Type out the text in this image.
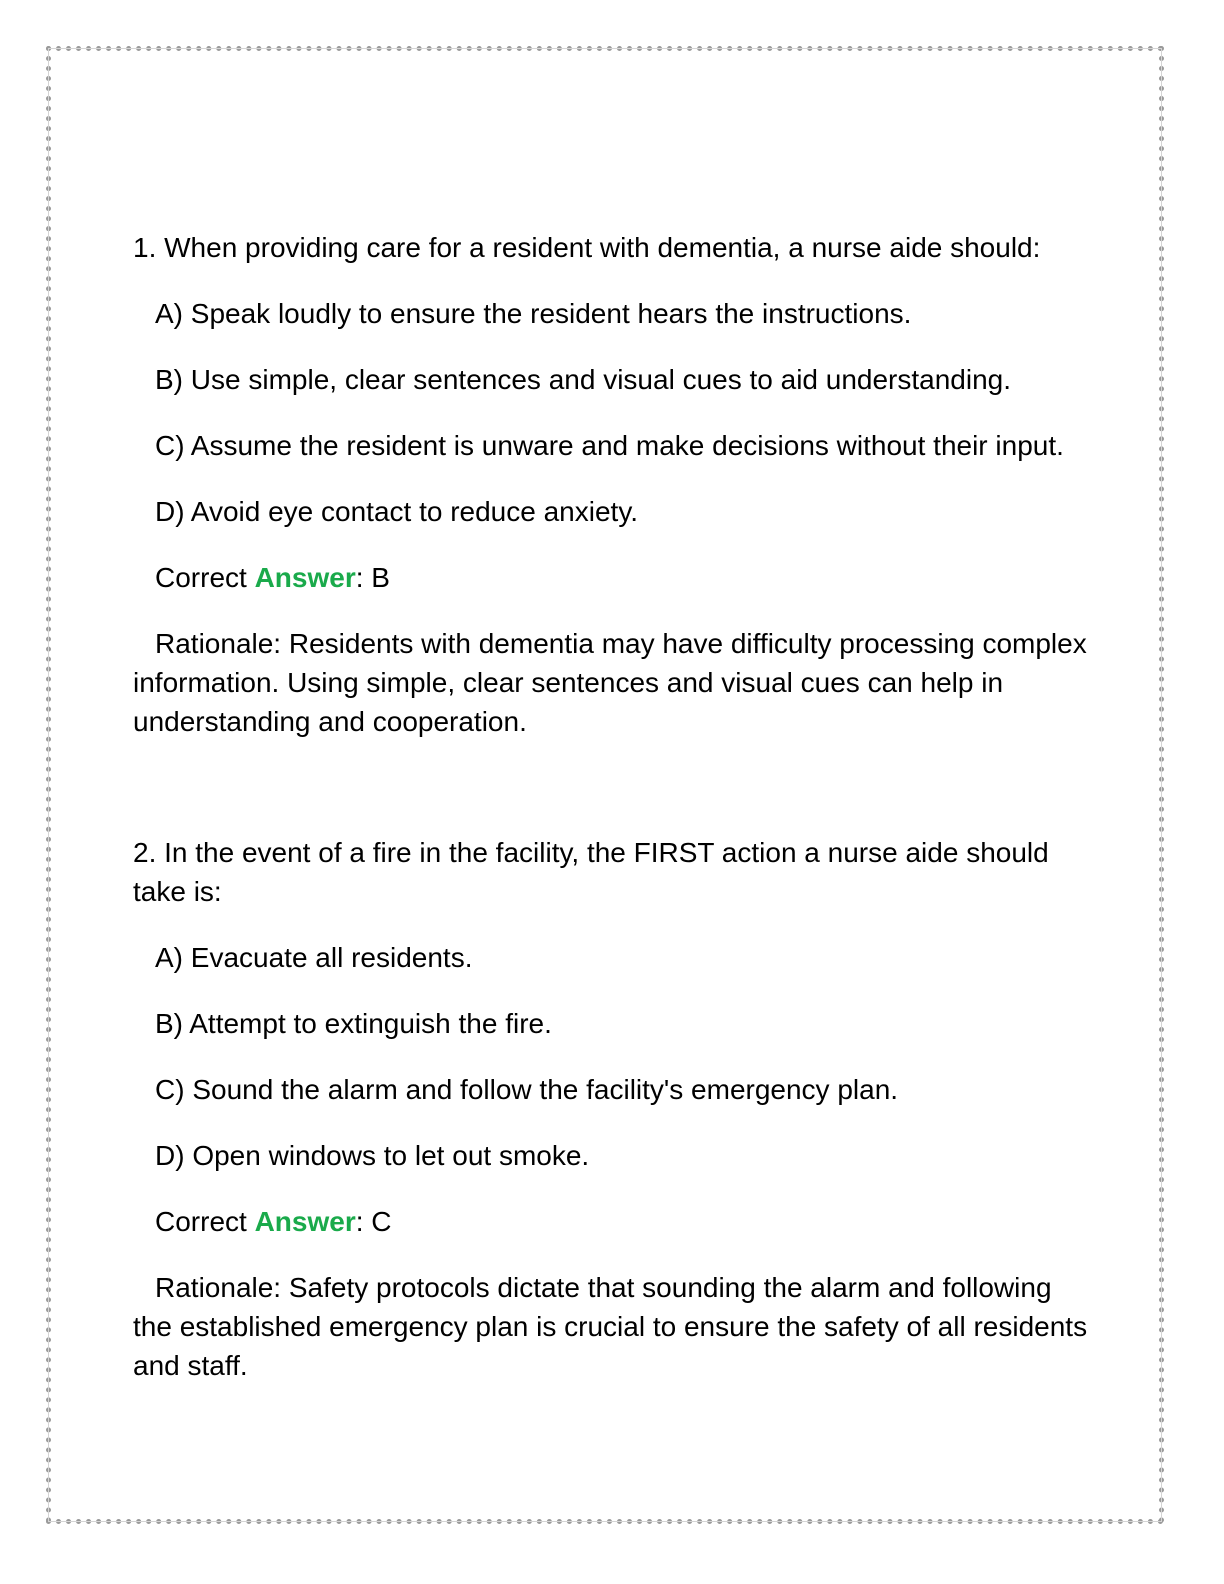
1. When providing care for a resident with dementia, a nurse aide should:

A) Speak loudly to ensure the resident hears the instructions.

B) Use simple, clear sentences and visual cues to aid understanding.

C) Assume the resident is unware and make decisions without their input.

D) Avoid eye contact to reduce anxiety.

Correct Answer: B

Rationale: Residents with dementia may have difficulty processing complex information. Using simple, clear sentences and visual cues can help in understanding and cooperation.

2. In the event of a fire in the facility, the FIRST action a nurse aide should take is:

A) Evacuate all residents.

B) Attempt to extinguish the fire.

C) Sound the alarm and follow the facility's emergency plan.

D) Open windows to let out smoke.

Correct Answer: C

Rationale: Safety protocols dictate that sounding the alarm and following the established emergency plan is crucial to ensure the safety of all residents and staff.
